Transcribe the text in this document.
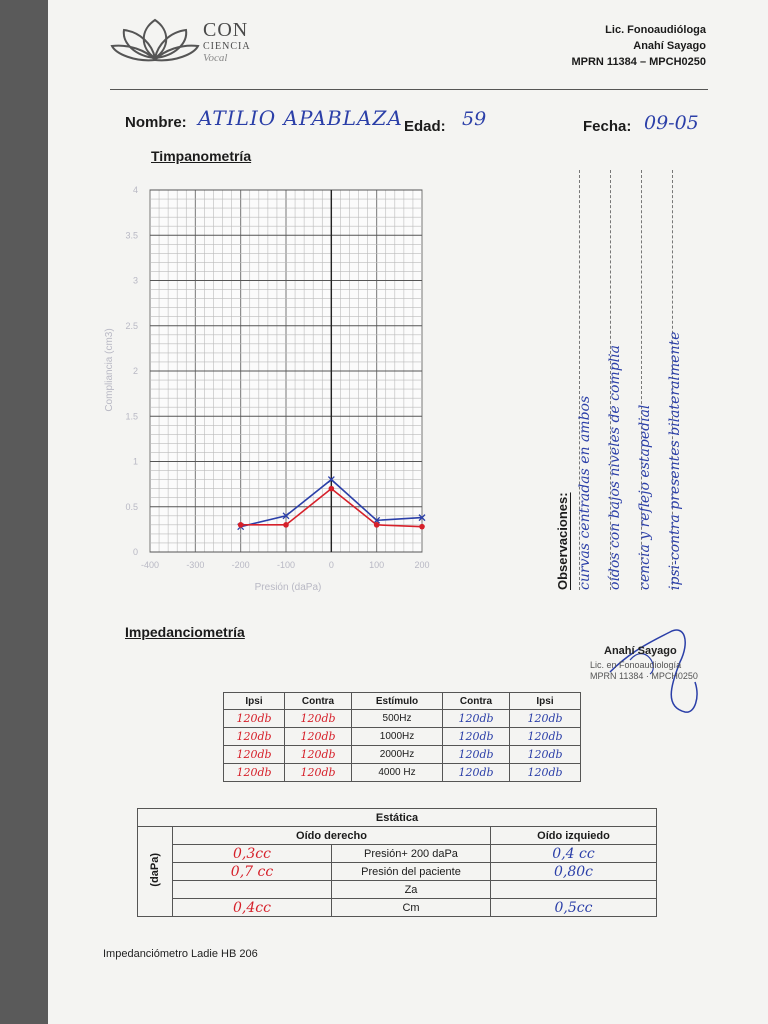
CON
CIENCIA
Vocal
Lic. Fonoaudióloga
Anahí Sayago
MPRN 11384 – MPCH0250
Nombre: ATILIO APABLAZA Edad: 59	Fecha: 09-05
Timpanometría
-400	-300	-200	-100	0	100	200
0
0.5
1
1.5
2
2.5
3
3.5
4
Compliancia (cm3)
Presión (daPa)	Observaciones: curvas centradas en ambos oídos con bajos niveles de complia cencia y reflejo estapedial ipsi-contra presentes bilateralmente
Impedanciometría
Anahí Sayago
Lic. en Fonoaudiología
MPRN 11384 · MPCH0250
Ipsi	Contra	Estímulo	Contra	Ipsi
120db	120db	500Hz	120db	120db
120db	120db	1000Hz	120db	120db
120db	120db	2000Hz	120db	120db
120db	120db	4000 Hz	120db	120db
Estática			
(daPa)	Oído derecho		Oído izquiedo
	0,3cc	Presión+ 200 daPa	0,4 cc
	0,7 cc	Presión del paciente	0,80c
		Za	
	0,4cc	Cm	0,5cc
Impedanciómetro Ladie HB 206
